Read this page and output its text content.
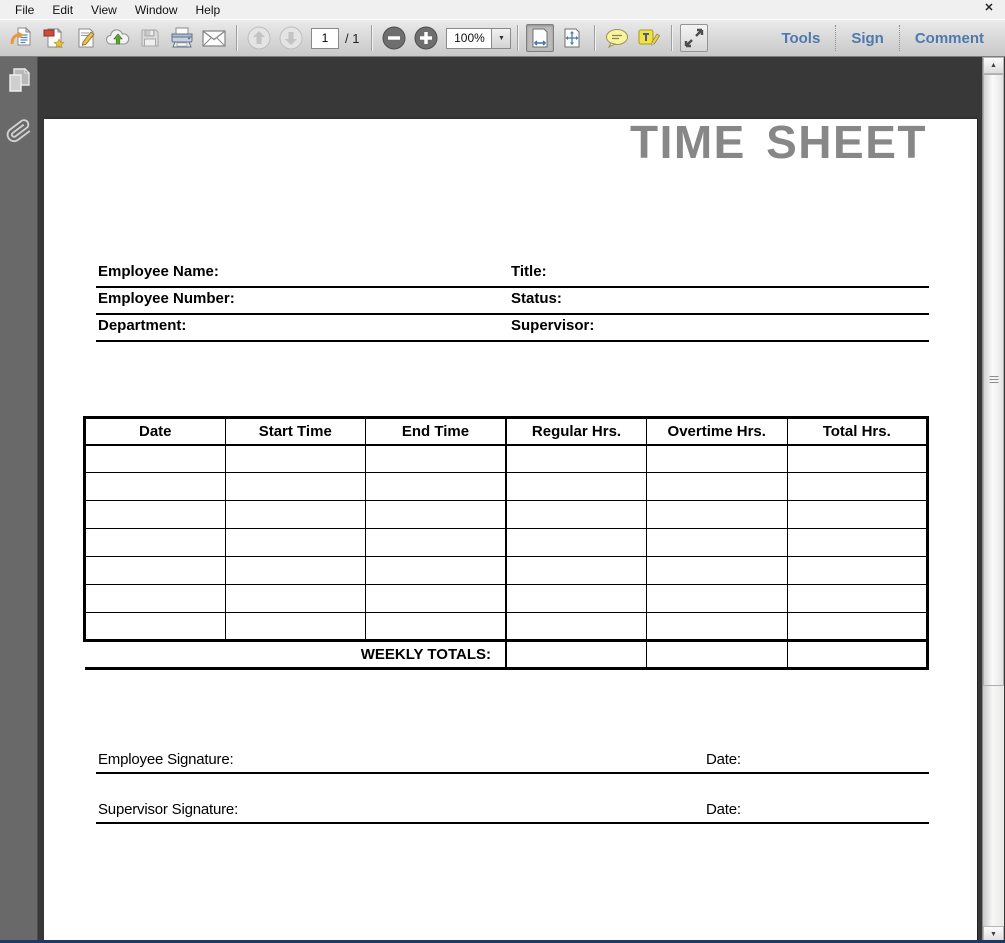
File	Edit	View	Window	Help	✕
1
/ 1	100%	▼	Tools	Sign	Comment
TIME SHEET
Employee Name:	Title:
Employee Number:	Status:
Department:	Supervisor:
Date	Start Time	End Time	Regular Hrs.	Overtime Hrs.	Total Hrs.

WEEKLY TOTALS:					
Employee Signature:	Date:
Supervisor Signature:	Date:
▲
▼
